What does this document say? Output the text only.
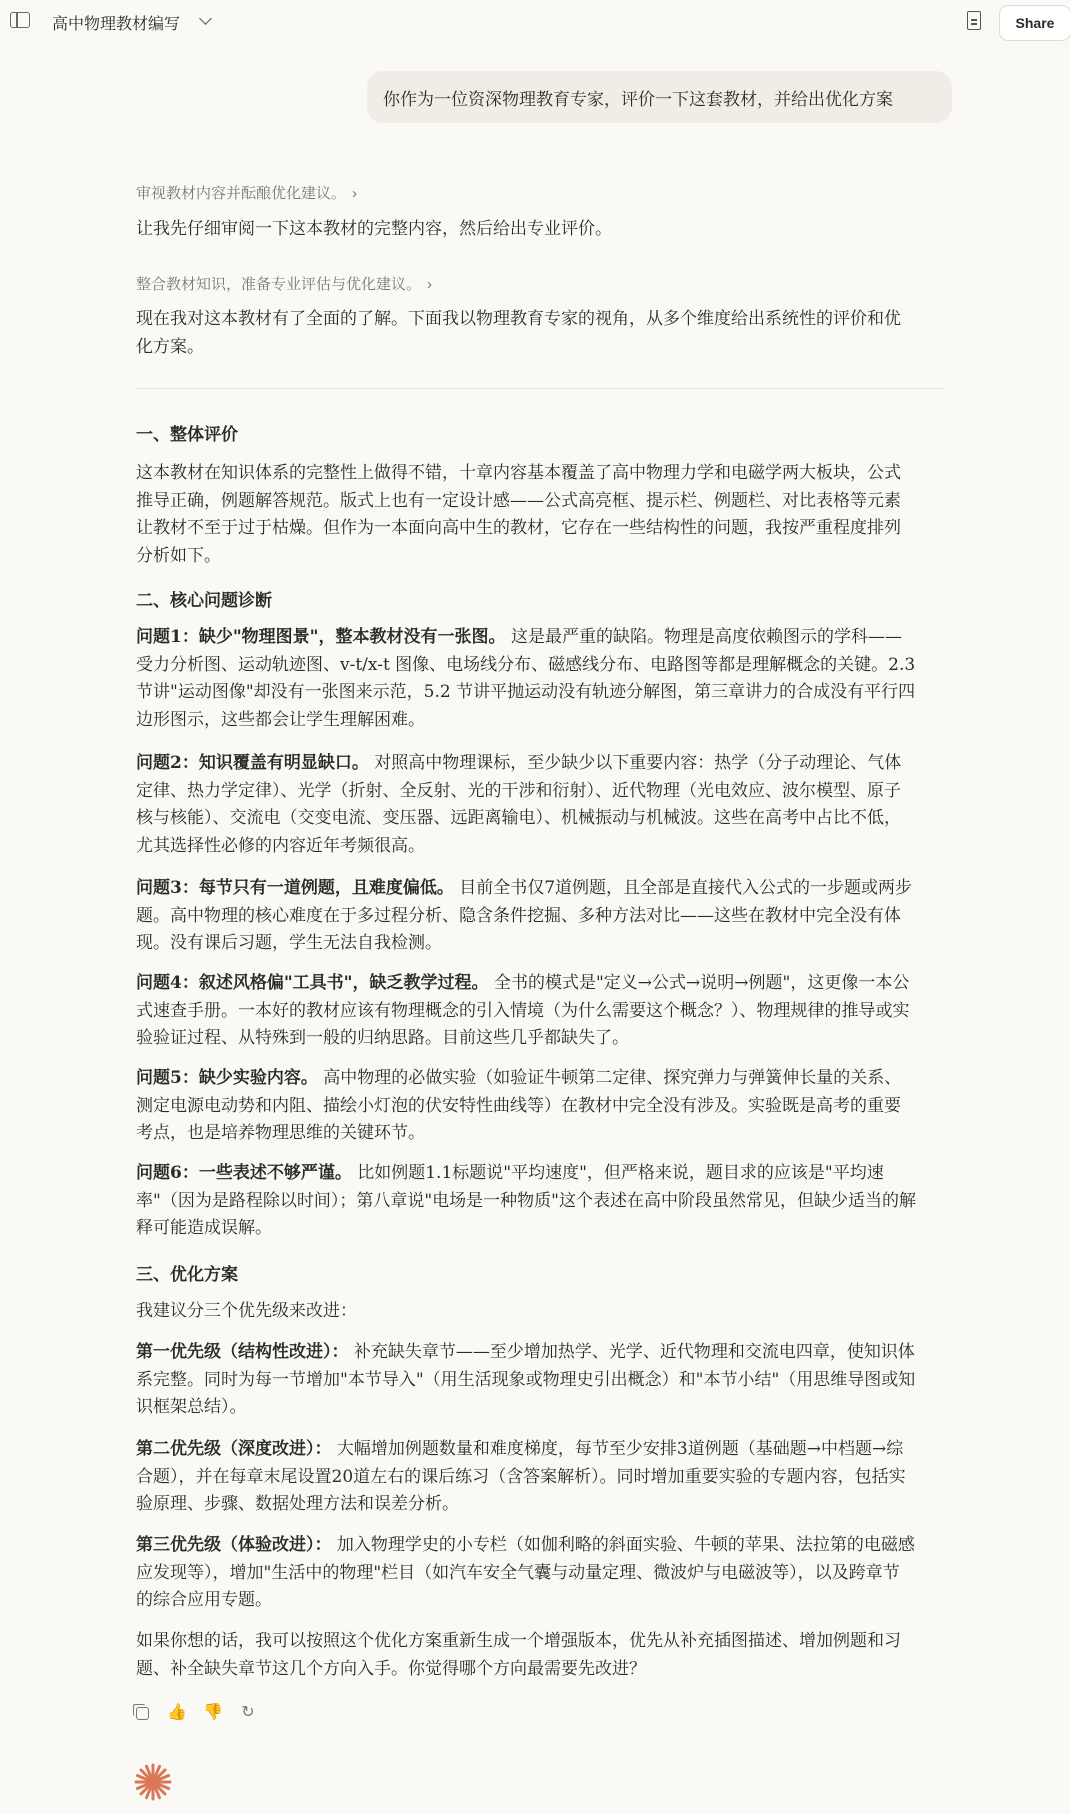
高中物理教材编写	Share
你作为一位资深物理教育专家，评价一下这套教材，并给出优化方案
审视教材内容并酝酿优化建议。 ›
让我先仔细审阅一下这本教材的完整内容，然后给出专业评价。
整合教材知识，准备专业评估与优化建议。 ›
现在我对这本教材有了全面的了解。下面我以物理教育专家的视角，从多个维度给出系统性的评价和优化方案。
一、整体评价
这本教材在知识体系的完整性上做得不错，十章内容基本覆盖了高中物理力学和电磁学两大板块，公式推导正确，例题解答规范。版式上也有一定设计感——公式高亮框、提示栏、例题栏、对比表格等元素让教材不至于过于枯燥。但作为一本面向高中生的教材，它存在一些结构性的问题，我按严重程度排列分析如下。
二、核心问题诊断
问题1：缺少"物理图景"，整本教材没有一张图。 这是最严重的缺陷。物理是高度依赖图示的学科——受力分析图、运动轨迹图、v-t/x-t 图像、电场线分布、磁感线分布、电路图等都是理解概念的关键。2.3 节讲"运动图像"却没有一张图来示范，5.2 节讲平抛运动没有轨迹分解图，第三章讲力的合成没有平行四边形图示，这些都会让学生理解困难。
问题2：知识覆盖有明显缺口。 对照高中物理课标，至少缺少以下重要内容：热学（分子动理论、气体定律、热力学定律）、光学（折射、全反射、光的干涉和衍射）、近代物理（光电效应、波尔模型、原子核与核能）、交流电（交变电流、变压器、远距离输电）、机械振动与机械波。这些在高考中占比不低，尤其选择性必修的内容近年考频很高。
问题3：每节只有一道例题，且难度偏低。 目前全书仅7道例题，且全部是直接代入公式的一步题或两步题。高中物理的核心难度在于多过程分析、隐含条件挖掘、多种方法对比——这些在教材中完全没有体现。没有课后习题，学生无法自我检测。
问题4：叙述风格偏"工具书"，缺乏教学过程。 全书的模式是"定义→公式→说明→例题"，这更像一本公式速查手册。一本好的教材应该有物理概念的引入情境（为什么需要这个概念？）、物理规律的推导或实验验证过程、从特殊到一般的归纳思路。目前这些几乎都缺失了。
问题5：缺少实验内容。 高中物理的必做实验（如验证牛顿第二定律、探究弹力与弹簧伸长量的关系、测定电源电动势和内阻、描绘小灯泡的伏安特性曲线等）在教材中完全没有涉及。实验既是高考的重要考点，也是培养物理思维的关键环节。
问题6：一些表述不够严谨。 比如例题1.1标题说"平均速度"，但严格来说，题目求的应该是"平均速率"（因为是路程除以时间）；第八章说"电场是一种物质"这个表述在高中阶段虽然常见，但缺少适当的解释可能造成误解。
三、优化方案
我建议分三个优先级来改进：
第一优先级（结构性改进）： 补充缺失章节——至少增加热学、光学、近代物理和交流电四章，使知识体系完整。同时为每一节增加"本节导入"（用生活现象或物理史引出概念）和"本节小结"（用思维导图或知识框架总结）。
第二优先级（深度改进）： 大幅增加例题数量和难度梯度，每节至少安排3道例题（基础题→中档题→综合题），并在每章末尾设置20道左右的课后练习（含答案解析）。同时增加重要实验的专题内容，包括实验原理、步骤、数据处理方法和误差分析。
第三优先级（体验改进）： 加入物理学史的小专栏（如伽利略的斜面实验、牛顿的苹果、法拉第的电磁感应发现等），增加"生活中的物理"栏目（如汽车安全气囊与动量定理、微波炉与电磁波等），以及跨章节的综合应用专题。
如果你想的话，我可以按照这个优化方案重新生成一个增强版本，优先从补充插图描述、增加例题和习题、补全缺失章节这几个方向入手。你觉得哪个方向最需要先改进？
👍 👎 ↻
